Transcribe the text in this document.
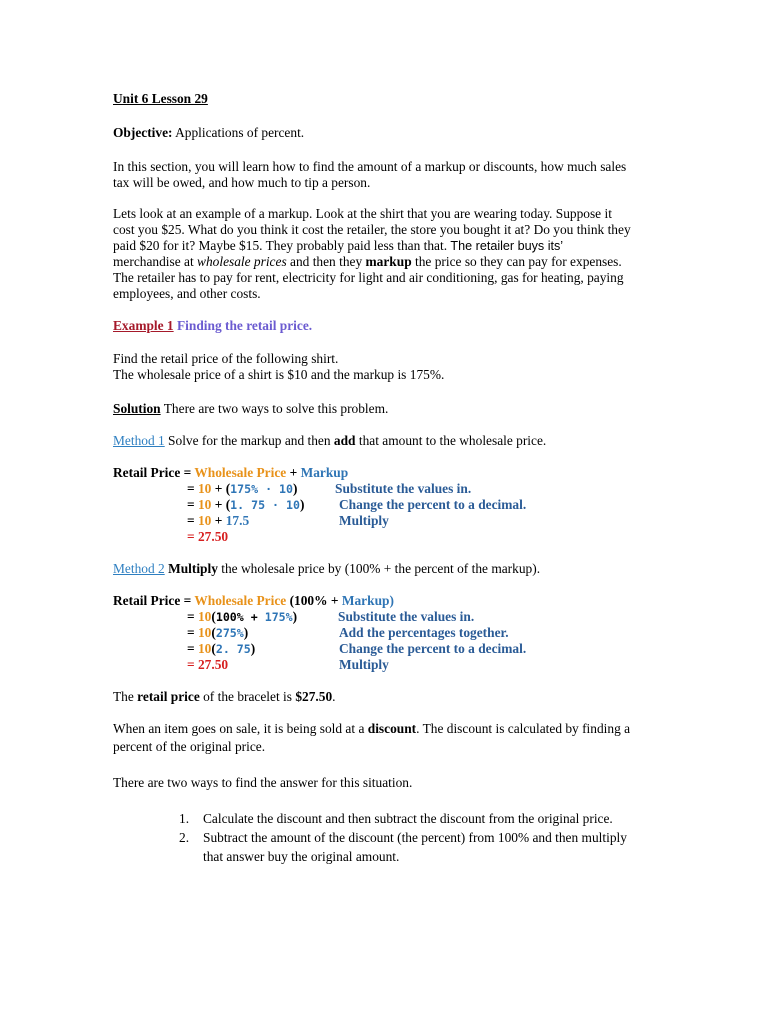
Unit 6 Lesson 29
Objective: Applications of percent.
In this section, you will learn how to find the amount of a markup or discounts, how much sales
tax will be owed, and how much to tip a person.
Lets look at an example of a markup. Look at the shirt that you are wearing today. Suppose it
cost you $25. What do you think it cost the retailer, the store you bought it at? Do you think they
paid $20 for it? Maybe $15. They probably paid less than that. The retailer buys its’
merchandise at wholesale prices and then they markup the price so they can pay for expenses.
The retailer has to pay for rent, electricity for light and air conditioning, gas for heating, paying
employees, and other costs.
Example 1 Finding the retail price.
Find the retail price of the following shirt.
The wholesale price of a shirt is $10 and the markup is 175%.
Solution There are two ways to solve this problem.
Method 1 Solve for the markup and then add that amount to the wholesale price.
Retail Price = Wholesale Price + Markup
= 10 + (175% · 10)	Substitute the values in.
= 10 + (1. 75 · 10)	Change the percent to a decimal.
= 10 + 17.5	Multiply
= 27.50
Method 2 Multiply the wholesale price by (100% + the percent of the markup).
Retail Price = Wholesale Price (100% + Markup)
= 10(100% + 175%)	Substitute the values in.
= 10(275%)	Add the percentages together.
= 10(2. 75)	Change the percent to a decimal.
= 27.50	Multiply
The retail price of the bracelet is $27.50.
When an item goes on sale, it is being sold at a discount. The discount is calculated by finding a
percent of the original price.
There are two ways to find the answer for this situation.
1. Calculate the discount and then subtract the discount from the original price.
2. Subtract the amount of the discount (the percent) from 100% and then multiply
that answer buy the original amount.
